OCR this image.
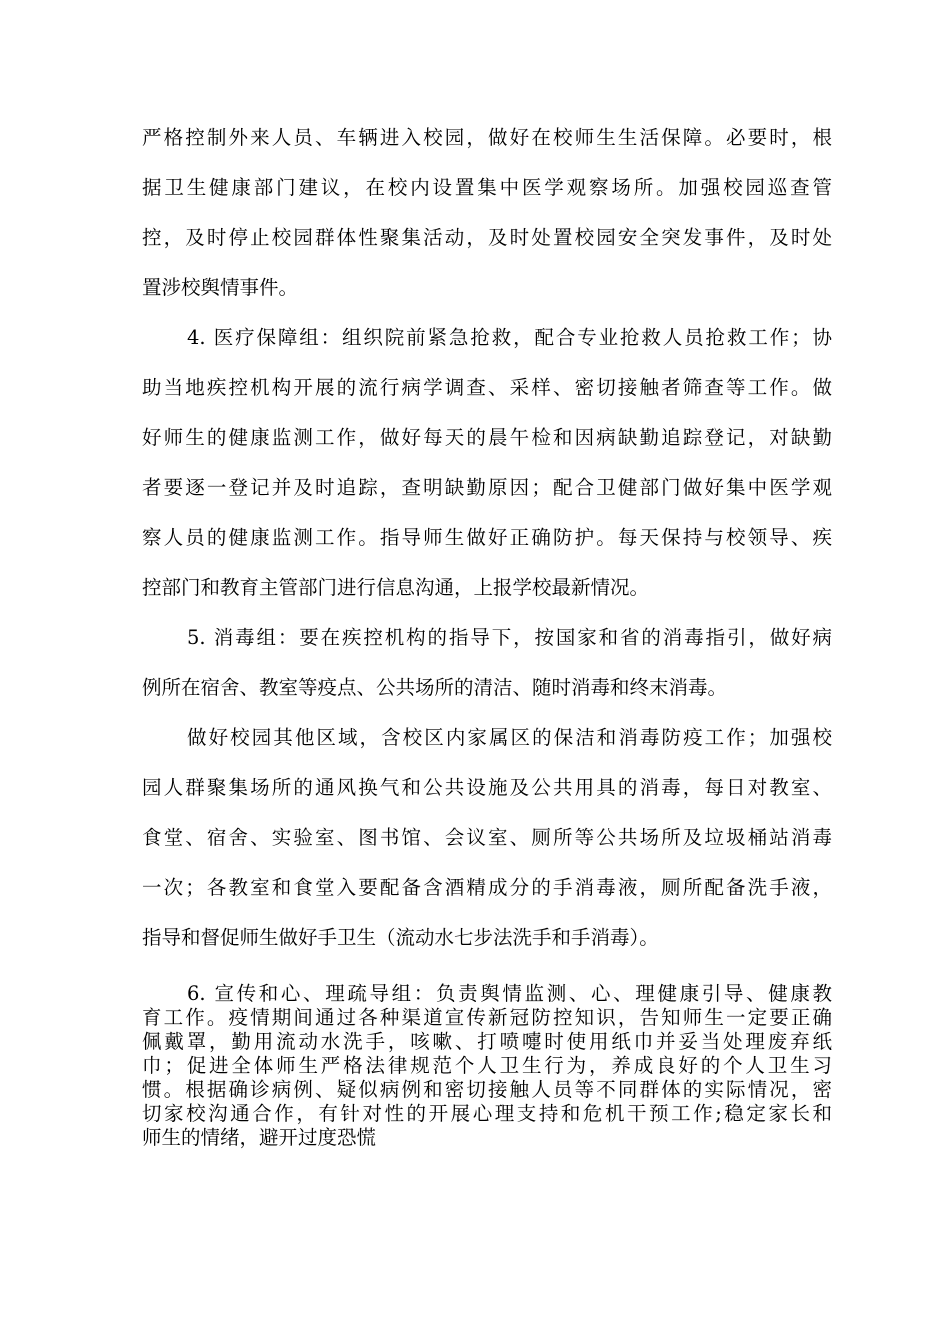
严格控制外来人员、车辆进入校园，做好在校师生生活保障。必要时，根
据卫生健康部门建议，在校内设置集中医学观察场所。加强校园巡查管
控，及时停止校园群体性聚集活动，及时处置校园安全突发事件，及时处
置涉校舆情事件。
4. 医疗保障组：组织院前紧急抢救，配合专业抢救人员抢救工作；协
助当地疾控机构开展的流行病学调查、采样、密切接触者筛查等工作。做
好师生的健康监测工作，做好每天的晨午检和因病缺勤追踪登记，对缺勤
者要逐一登记并及时追踪，查明缺勤原因；配合卫健部门做好集中医学观
察人员的健康监测工作。指导师生做好正确防护。每天保持与校领导、疾
控部门和教育主管部门进行信息沟通，上报学校最新情况。
5. 消毒组：要在疾控机构的指导下，按国家和省的消毒指引，做好病
例所在宿舍、教室等疫点、公共场所的清洁、随时消毒和终末消毒。
做好校园其他区域，含校区内家属区的保洁和消毒防疫工作；加强校
园人群聚集场所的通风换气和公共设施及公共用具的消毒，每日对教室、
食堂、宿舍、实验室、图书馆、会议室、厕所等公共场所及垃圾桶站消毒
一次；各教室和食堂入要配备含酒精成分的手消毒液，厕所配备洗手液，
指导和督促师生做好手卫生（流动水七步法洗手和手消毒）。
6. 宣传和心、理疏导组：负责舆情监测、心、理健康引导、健康教
育工作。疫情期间通过各种渠道宣传新冠防控知识，告知师生一定要正确
佩戴罩，勤用流动水洗手，咳嗽、打喷嚏时使用纸巾并妥当处理废弃纸
巾；促进全体师生严格法律规范个人卫生行为，养成良好的个人卫生习
惯。根据确诊病例、疑似病例和密切接触人员等不同群体的实际情况，密
切家校沟通合作，有针对性的开展心理支持和危机干预工作;稳定家长和
师生的情绪，避开过度恐慌
